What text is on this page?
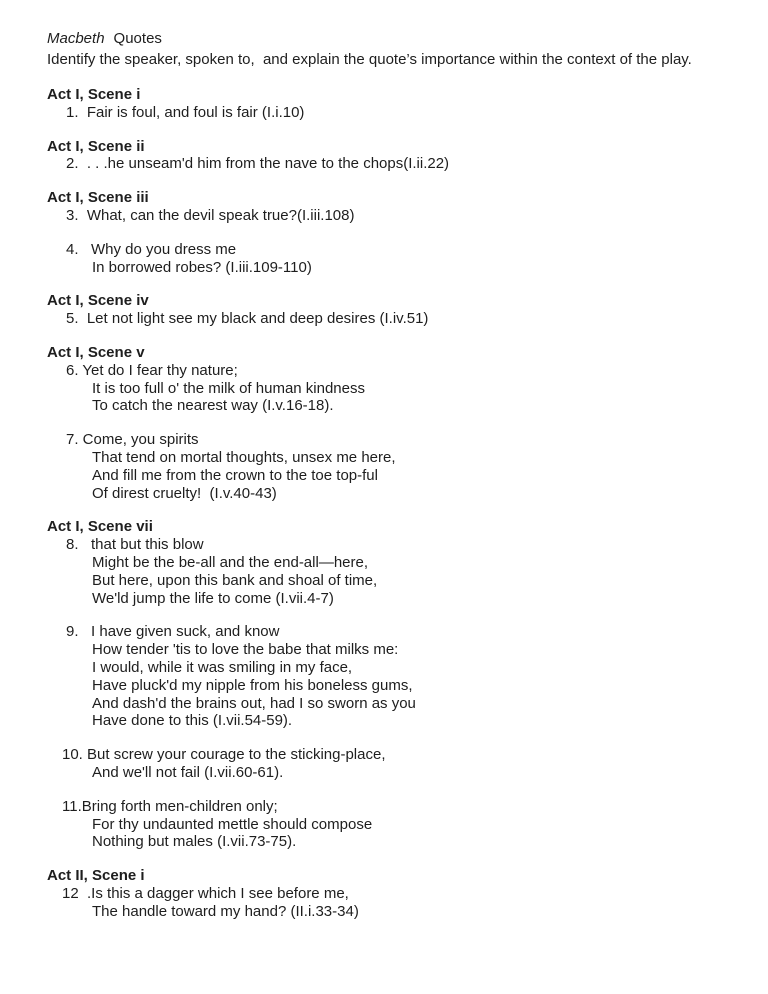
Macbeth Quotes
Identify the speaker, spoken to,  and explain the quote’s importance within the context of the play.
Act I, Scene i
1.  Fair is foul, and foul is fair (I.i.10)
Act I, Scene ii
2.  . . .he unseam'd him from the nave to the chops(I.ii.22)
Act I, Scene iii
3.  What, can the devil speak true?(I.iii.108)
4.   Why do you dress me
In borrowed robes? (I.iii.109-110)
Act I, Scene iv
5.  Let not light see my black and deep desires (I.iv.51)
Act I, Scene v
6. Yet do I fear thy nature;
It is too full o' the milk of human kindness
To catch the nearest way (I.v.16-18).
7. Come, you spirits
That tend on mortal thoughts, unsex me here,
And fill me from the crown to the toe top-ful
Of direst cruelty!  (I.v.40-43)
Act I, Scene vii
8.   that but this blow
Might be the be-all and the end-all—here,
But here, upon this bank and shoal of time,
We'ld jump the life to come (I.vii.4-7)
9.   I have given suck, and know
How tender 'tis to love the babe that milks me:
I would, while it was smiling in my face,
Have pluck'd my nipple from his boneless gums,
And dash'd the brains out, had I so sworn as you
Have done to this (I.vii.54-59).
10. But screw your courage to the sticking-place,
And we'll not fail (I.vii.60-61).
11.Bring forth men-children only;
For thy undaunted mettle should compose
Nothing but males (I.vii.73-75).
Act II, Scene i
12  .Is this a dagger which I see before me,
The handle toward my hand? (II.i.33-34)
